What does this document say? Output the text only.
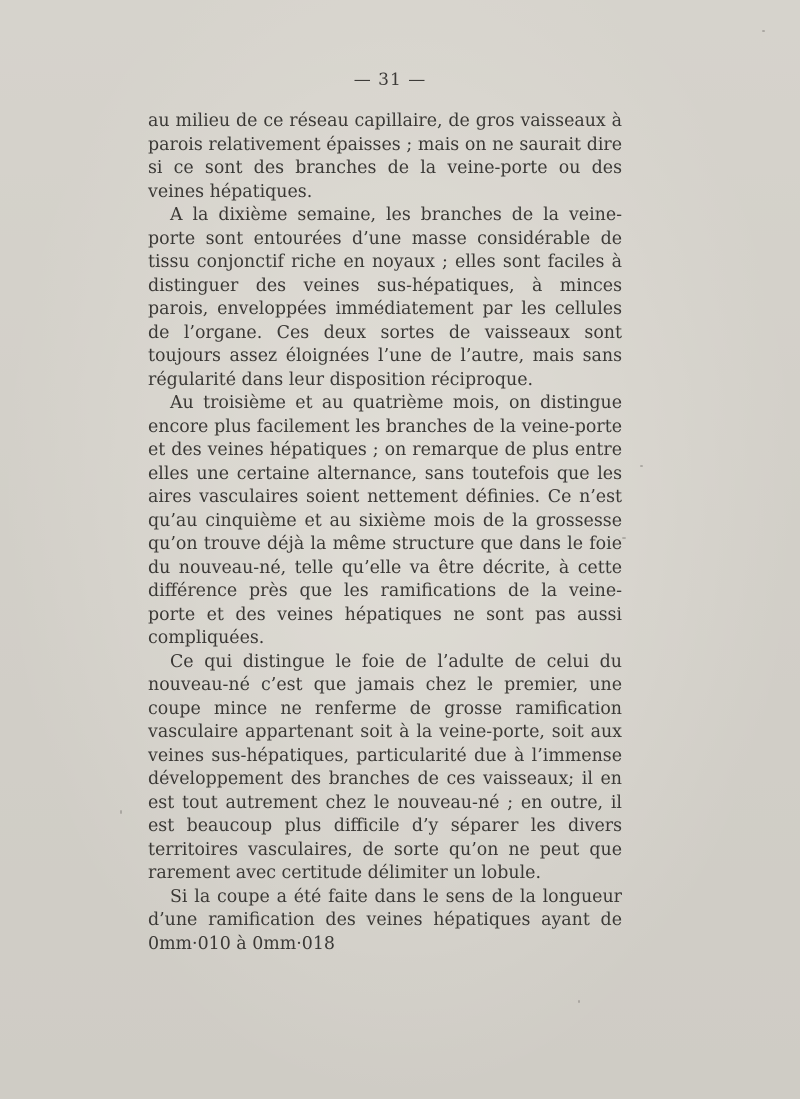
— 31 —

au milieu de ce réseau capillaire, de gros vaisseaux à parois relativement épaisses ; mais on ne saurait dire si ce sont des branches de la veine-porte ou des veines hépatiques.

A la dixième semaine, les branches de la veine-porte sont entourées d’une masse considérable de tissu conjonctif riche en noyaux ; elles sont faciles à distinguer des veines sus-hépatiques, à minces parois, enveloppées immédiatement par les cellules de l’organe. Ces deux sortes de vaisseaux sont toujours assez éloignées l’une de l’autre, mais sans régularité dans leur disposition réciproque.

Au troisième et au quatrième mois, on distingue encore plus facilement les branches de la veine-porte et des veines hépatiques ; on remarque de plus entre elles une certaine alternance, sans toutefois que les aires vasculaires soient nettement définies. Ce n’est qu’au cinquième et au sixième mois de la grossesse qu’on trouve déjà la même structure que dans le foie du nouveau-né, telle qu’elle va être décrite, à cette différence près que les ramifications de la veine-porte et des veines hépatiques ne sont pas aussi compliquées.

Ce qui distingue le foie de l’adulte de celui du nouveau-né c’est que jamais chez le premier, une coupe mince ne renferme de grosse ramification vasculaire appartenant soit à la veine-porte, soit aux veines sus-hépatiques, particularité due à l’immense développement des branches de ces vaisseaux; il en est tout autrement chez le nouveau-né ; en outre, il est beaucoup plus difficile d’y séparer les divers territoires vasculaires, de sorte qu’on ne peut que rarement avec certitude délimiter un lobule.

Si la coupe a été faite dans le sens de la longueur d’une ramification des veines hépatiques ayant de 0mm·010 à 0mm·018
